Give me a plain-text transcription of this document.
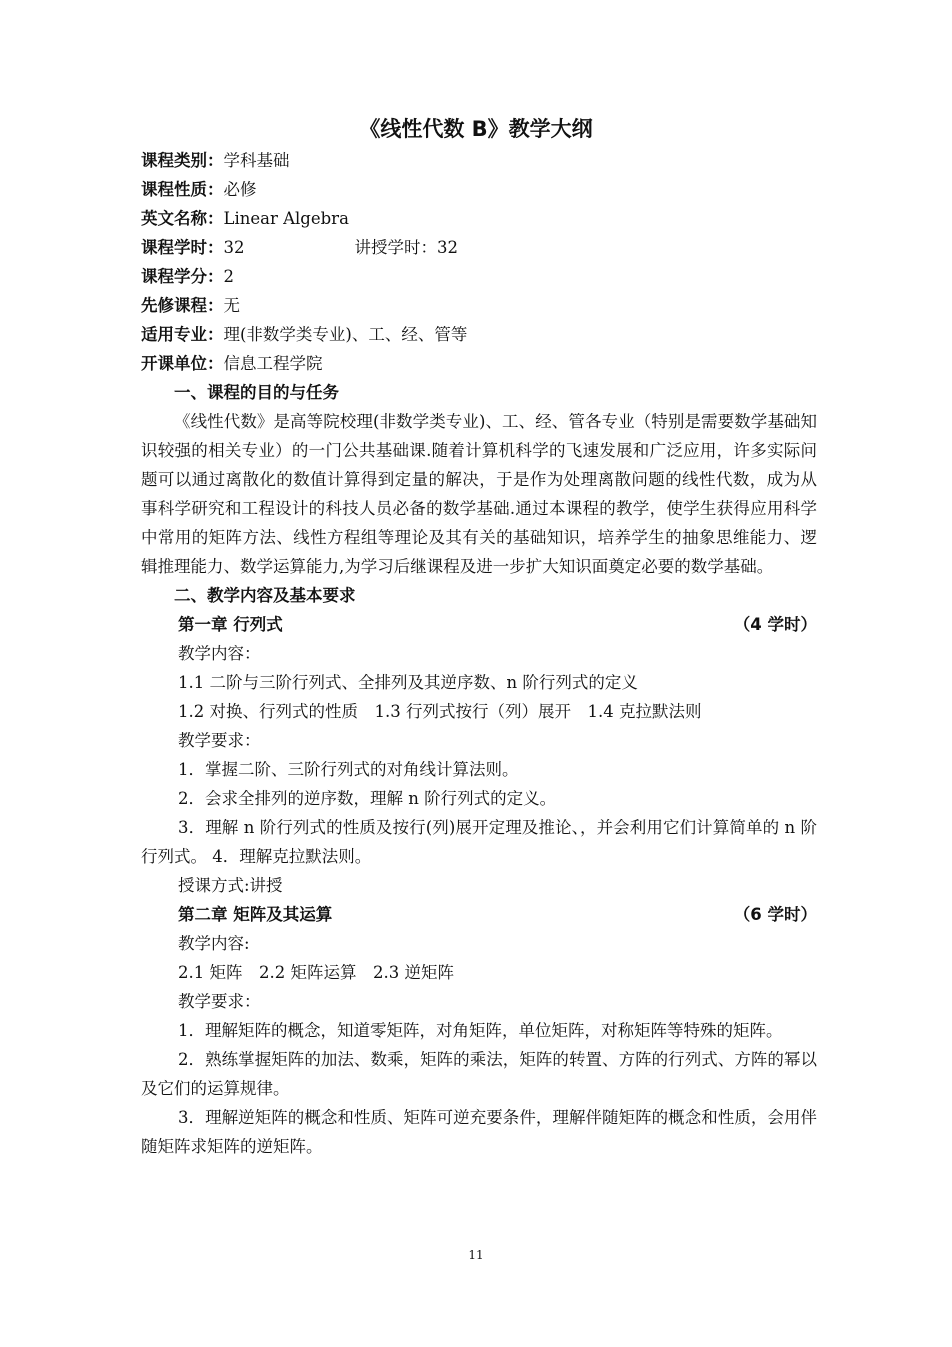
《线性代数 B》教学大纲
课程类别：学科基础
课程性质：必修
英文名称：Linear Algebra
课程学时：32	讲授学时：32
课程学分：2
先修课程：无
适用专业：理(非数学类专业)、工、经、管等
开课单位：信息工程学院
一、课程的目的与任务
《线性代数》是高等院校理(非数学类专业)、工、经、管各专业（特别是需要数学基础知识较强的相关专业）的一门公共基础课.随着计算机科学的飞速发展和广泛应用，许多实际问题可以通过离散化的数值计算得到定量的解决，于是作为处理离散问题的线性代数，成为从事科学研究和工程设计的科技人员必备的数学基础.通过本课程的教学，使学生获得应用科学中常用的矩阵方法、线性方程组等理论及其有关的基础知识，培养学生的抽象思维能力、逻辑推理能力、数学运算能力,为学习后继课程及进一步扩大知识面奠定必要的数学基础。
二、教学内容及基本要求
第一章 行列式	（4 学时）
教学内容：
1.1 二阶与三阶行列式、全排列及其逆序数、n 阶行列式的定义
1.2 对换、行列式的性质　1.3 行列式按行（列）展开　1.4 克拉默法则
教学要求：
1．掌握二阶、三阶行列式的对角线计算法则。
2．会求全排列的逆序数，理解 n 阶行列式的定义。
3．理解 n 阶行列式的性质及按行(列)展开定理及推论、，并会利用它们计算简单的 n 阶行列式。 4．理解克拉默法则。
授课方式:讲授
第二章 矩阵及其运算	（6 学时）
教学内容:
2.1 矩阵　2.2 矩阵运算　2.3 逆矩阵
教学要求：
1．理解矩阵的概念，知道零矩阵，对角矩阵，单位矩阵，对称矩阵等特殊的矩阵。
2．熟练掌握矩阵的加法、数乘，矩阵的乘法，矩阵的转置、方阵的行列式、方阵的幂以及它们的运算规律。
3．理解逆矩阵的概念和性质、矩阵可逆充要条件，理解伴随矩阵的概念和性质，会用伴随矩阵求矩阵的逆矩阵。
11
